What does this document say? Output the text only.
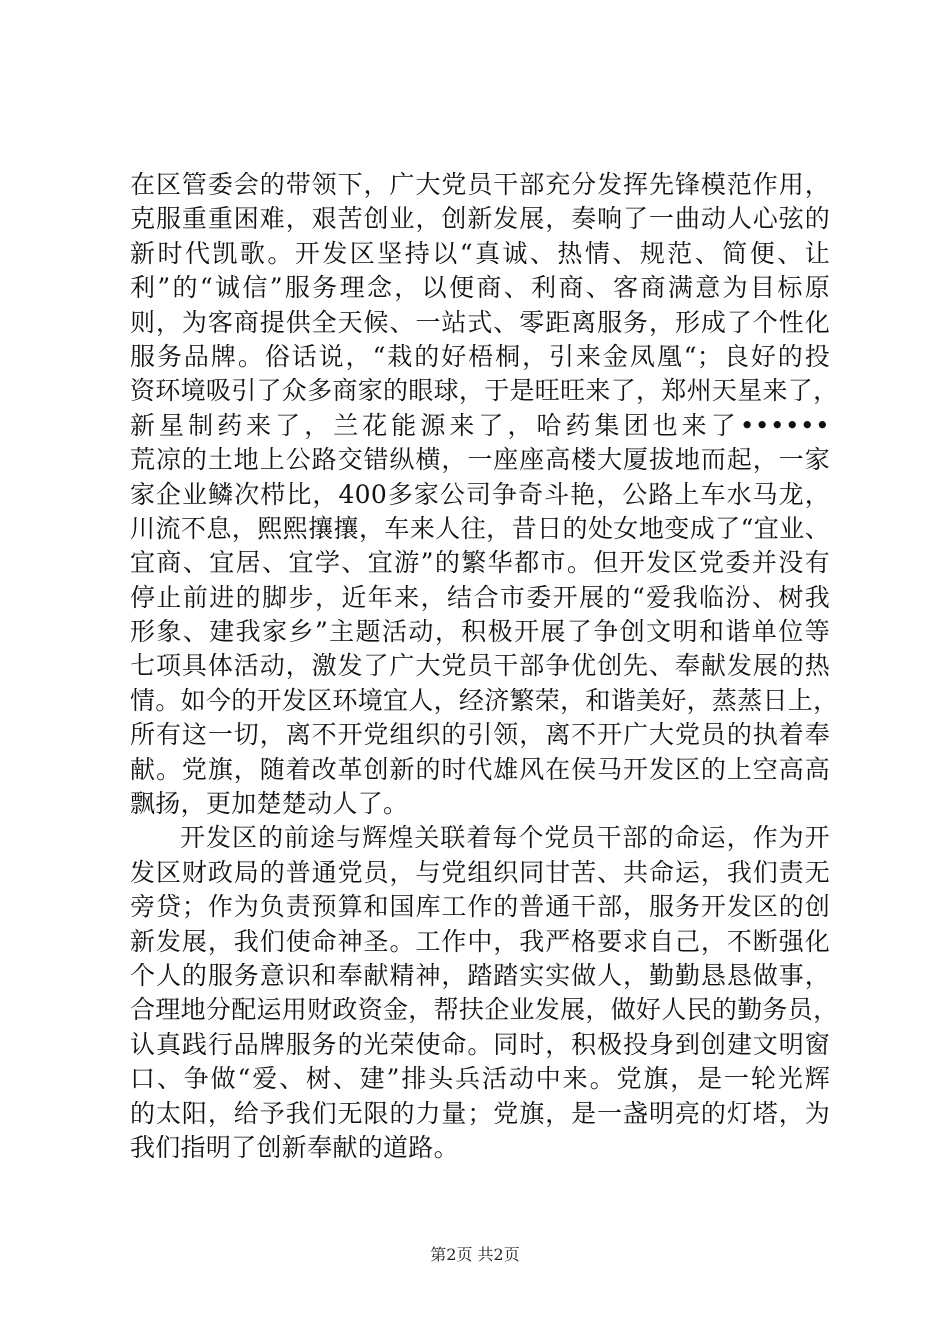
在区管委会的带领下，广大党员干部充分发挥先锋模范作用，
克服重重困难，艰苦创业，创新发展，奏响了一曲动人心弦的
新时代凯歌。开发区坚持以“真诚、热情、规范、简便、让
利”的“诚信”服务理念，以便商、利商、客商满意为目标原
则，为客商提供全天候、一站式、零距离服务，形成了个性化
服务品牌。俗话说，“栽的好梧桐，引来金凤凰“；良好的投
资环境吸引了众多商家的眼球，于是旺旺来了，郑州天星来了，
新星制药来了，兰花能源来了，哈药集团也来了••••••
荒凉的土地上公路交错纵横，一座座高楼大厦拔地而起，一家
家企业鳞次栉比，400多家公司争奇斗艳，公路上车水马龙，
川流不息，熙熙攘攘，车来人往，昔日的处女地变成了“宜业、
宜商、宜居、宜学、宜游”的繁华都市。但开发区党委并没有
停止前进的脚步，近年来，结合市委开展的“爱我临汾、树我
形象、建我家乡”主题活动，积极开展了争创文明和谐单位等
七项具体活动，激发了广大党员干部争优创先、奉献发展的热
情。如今的开发区环境宜人，经济繁荣，和谐美好，蒸蒸日上，
所有这一切，离不开党组织的引领，离不开广大党员的执着奉
献。党旗，随着改革创新的时代雄风在侯马开发区的上空高高
飘扬，更加楚楚动人了。
开发区的前途与辉煌关联着每个党员干部的命运，作为开
发区财政局的普通党员，与党组织同甘苦、共命运，我们责无
旁贷；作为负责预算和国库工作的普通干部，服务开发区的创
新发展，我们使命神圣。工作中，我严格要求自己，不断强化
个人的服务意识和奉献精神，踏踏实实做人，勤勤恳恳做事，
合理地分配运用财政资金，帮扶企业发展，做好人民的勤务员，
认真践行品牌服务的光荣使命。同时，积极投身到创建文明窗
口、争做“爱、树、建”排头兵活动中来。党旗，是一轮光辉
的太阳，给予我们无限的力量；党旗，是一盏明亮的灯塔，为
我们指明了创新奉献的道路。
第2页 共2页
